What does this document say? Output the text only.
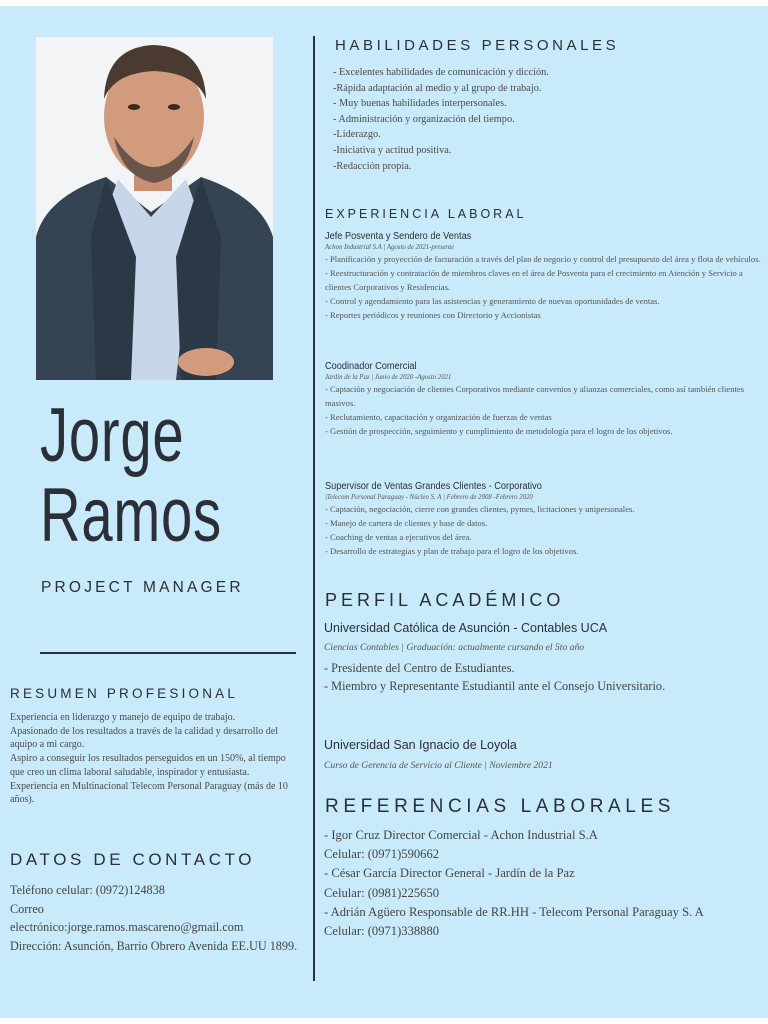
Jorge
Ramos
PROJECT MANAGER
RESUMEN PROFESIONAL
Experiencia en liderazgo y manejo de equipo de trabajo.
Apasionado de los resultados a través de la calidad y desarrollo del aquipo a mi cargo.
Aspiro a conseguir los resultados perseguidos en un 150%, al tiempo que creo un clima laboral saludable, inspirador y entusiasta.
Experiencia en Multinacional Telecom Personal Paraguay (más de 10 años).
DATOS DE CONTACTO
Teléfono celular: (0972)124838
Correo
electrónico:jorge.ramos.mascareno@gmail.com
Dirección: Asunción, Barrio Obrero Avenida EE.UU 1899.
HABILIDADES PERSONALES
- Excelentes habilidades de comunicación y dicción.
-Rápida adaptación al medio y al grupo de trabajo.
- Muy buenas habilidades interpersonales.
- Administración y organización del tiempo.
-Liderazgo.
-Iniciativa y actitud positiva.
-Redacción propia.
EXPERIENCIA LABORAL
Jefe Posventa y Sendero de Ventas
Achon Industrial S.A | Agosto de 2021-presente
- Planificación y proyección de facturación a través del plan de negocio y control del presupuesto del área y flota de vehículos.
- Reestructuración y contratación de miembros claves en el área de Posventa para el crecimiento en Atención y Servicio a clientes Corporativos y Residencias.
- Control y agendamiento para las asistencias y generamiento de nuevas oportunidades de ventas.
- Reportes periódicos y reuniones con Directorio y Accionistas
Coodinador Comercial
Jardín de la Paz | Junio de 2020 -Agosto 2021
- Captación y negociación de clientes Corporativos mediante convenios y alianzas comerciales, como así también clientes masivos.
- Reclutamiento, capacitación y organización de fuerzas de ventas
- Gestión de prospección, seguimiento y cumplimiento de metodología para el logro de los objetivos.
Supervisor de Ventas Grandes Clientes - Corporativo
|Telecom Personal Paraguay - Núcleo S. A | Febrero de 2008 -Febrero 2020
- Captación, negociación, cierre con grandes clientes, pymes, licitaciones y unipersonales.
- Manejo de cartera de clientes y base de datos.
- Coaching de ventas a ejecutivos del área.
- Desarrollo de estrategias y plan de trabajo para el logro de los objetivos.
PERFIL ACADÉMICO
Universidad Católica de Asunción - Contables UCA
Ciencias Contables | Graduación: actualmente cursando el 5to año
- Presidente del Centro de Estudiantes.
- Miembro y Representante Estudiantil ante el Consejo Universitario.
Universidad San Ignacio de Loyola
Curso de Gerencia de Servicio al Cliente | Noviembre 2021
REFERENCIAS LABORALES
- Igor Cruz Director Comercial - Achon Industrial S.A
Celular: (0971)590662
- César García Director General - Jardín de la Paz
Celular: (0981)225650
- Adrián Agüero Responsable de RR.HH - Telecom Personal Paraguay S. A
Celular: (0971)338880
